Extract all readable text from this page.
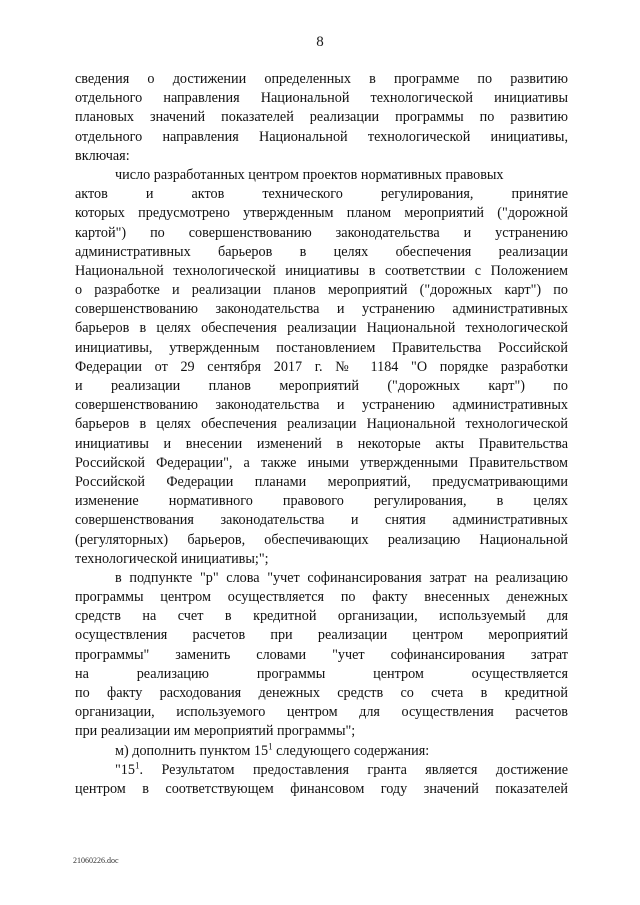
8
сведения о достижении определенных в программе по развитию
отдельного направления Национальной технологической инициативы
плановых значений показателей реализации программы по развитию
отдельного направления Национальной технологической инициативы,
включая:
число разработанных центром проектов нормативных правовых
актов и актов технического регулирования, принятие
которых предусмотрено утвержденным планом мероприятий ("дорожной
картой") по совершенствованию законодательства и устранению
административных барьеров в целях обеспечения реализации
Национальной технологической инициативы в соответствии с Положением
о разработке и реализации планов мероприятий ("дорожных карт") по
совершенствованию законодательства и устранению административных
барьеров в целях обеспечения реализации Национальной технологической
инициативы, утвержденным постановлением Правительства Российской
Федерации от 29 сентября 2017 г. № 1184 "О порядке разработки
и реализации планов мероприятий ("дорожных карт") по
совершенствованию законодательства и устранению административных
барьеров в целях обеспечения реализации Национальной технологической
инициативы и внесении изменений в некоторые акты Правительства
Российской Федерации", а также иными утвержденными Правительством
Российской Федерации планами мероприятий, предусматривающими
изменение нормативного правового регулирования, в целях
совершенствования законодательства и снятия административных
(регуляторных) барьеров, обеспечивающих реализацию Национальной
технологической инициативы;";
в подпункте "р" слова "учет софинансирования затрат на реализацию
программы центром осуществляется по факту внесенных денежных
средств на счет в кредитной организации, используемый для
осуществления расчетов при реализации центром мероприятий
программы" заменить словами "учет софинансирования затрат
на реализацию программы центром осуществляется
по факту расходования денежных средств со счета в кредитной
организации, используемого центром для осуществления расчетов
при реализации им мероприятий программы";
м) дополнить пунктом $15^1$ следующего содержания:
"$15^1$. Результатом предоставления гранта является достижение
центром в соответствующем финансовом году значений показателей
21060226.doc
